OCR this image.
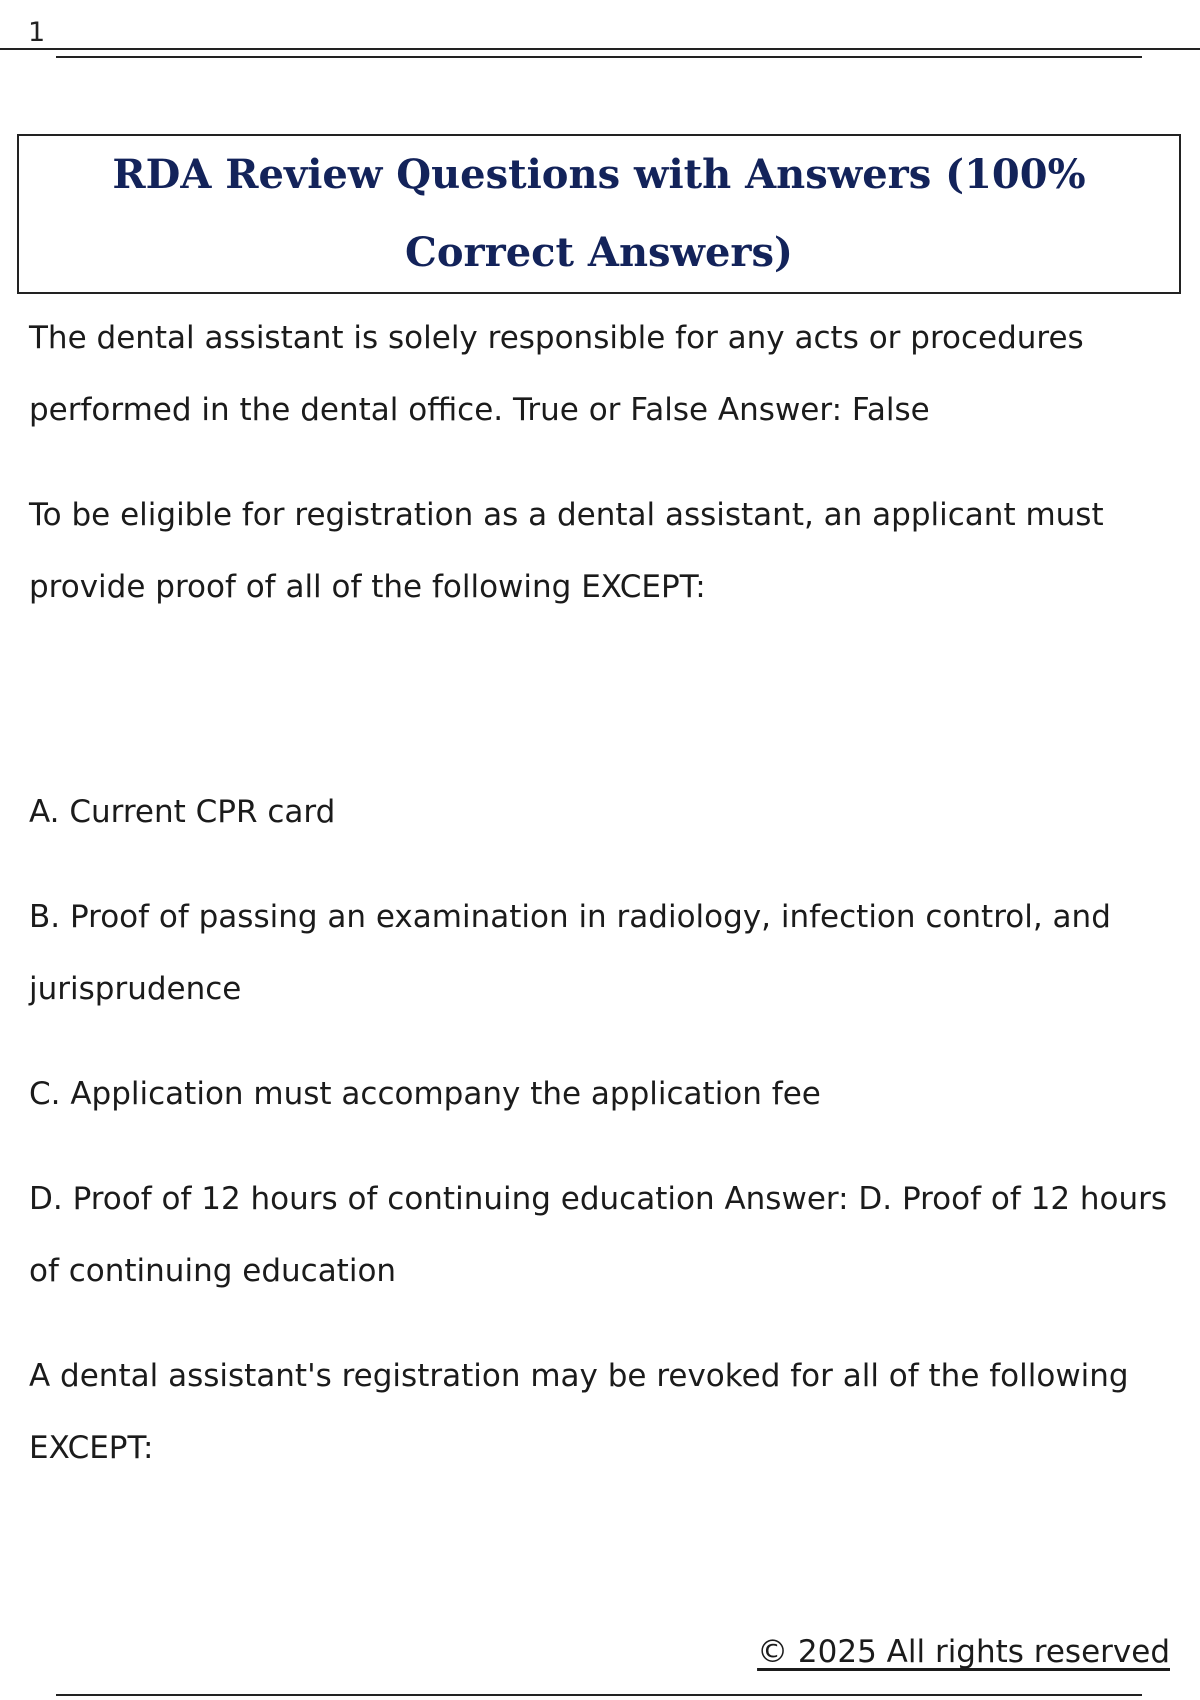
1
RDA Review Questions with Answers (100% Correct Answers)

The dental assistant is solely responsible for any acts or procedures performed in the dental office. True or False Answer: False

To be eligible for registration as a dental assistant, an applicant must provide proof of all of the following EXCEPT:

A. Current CPR card

B. Proof of passing an examination in radiology, infection control, and jurisprudence

C. Application must accompany the application fee

D. Proof of 12 hours of continuing education Answer: D. Proof of 12 hours of continuing education

A dental assistant's registration may be revoked for all of the following EXCEPT:

© 2025 All rights reserved
